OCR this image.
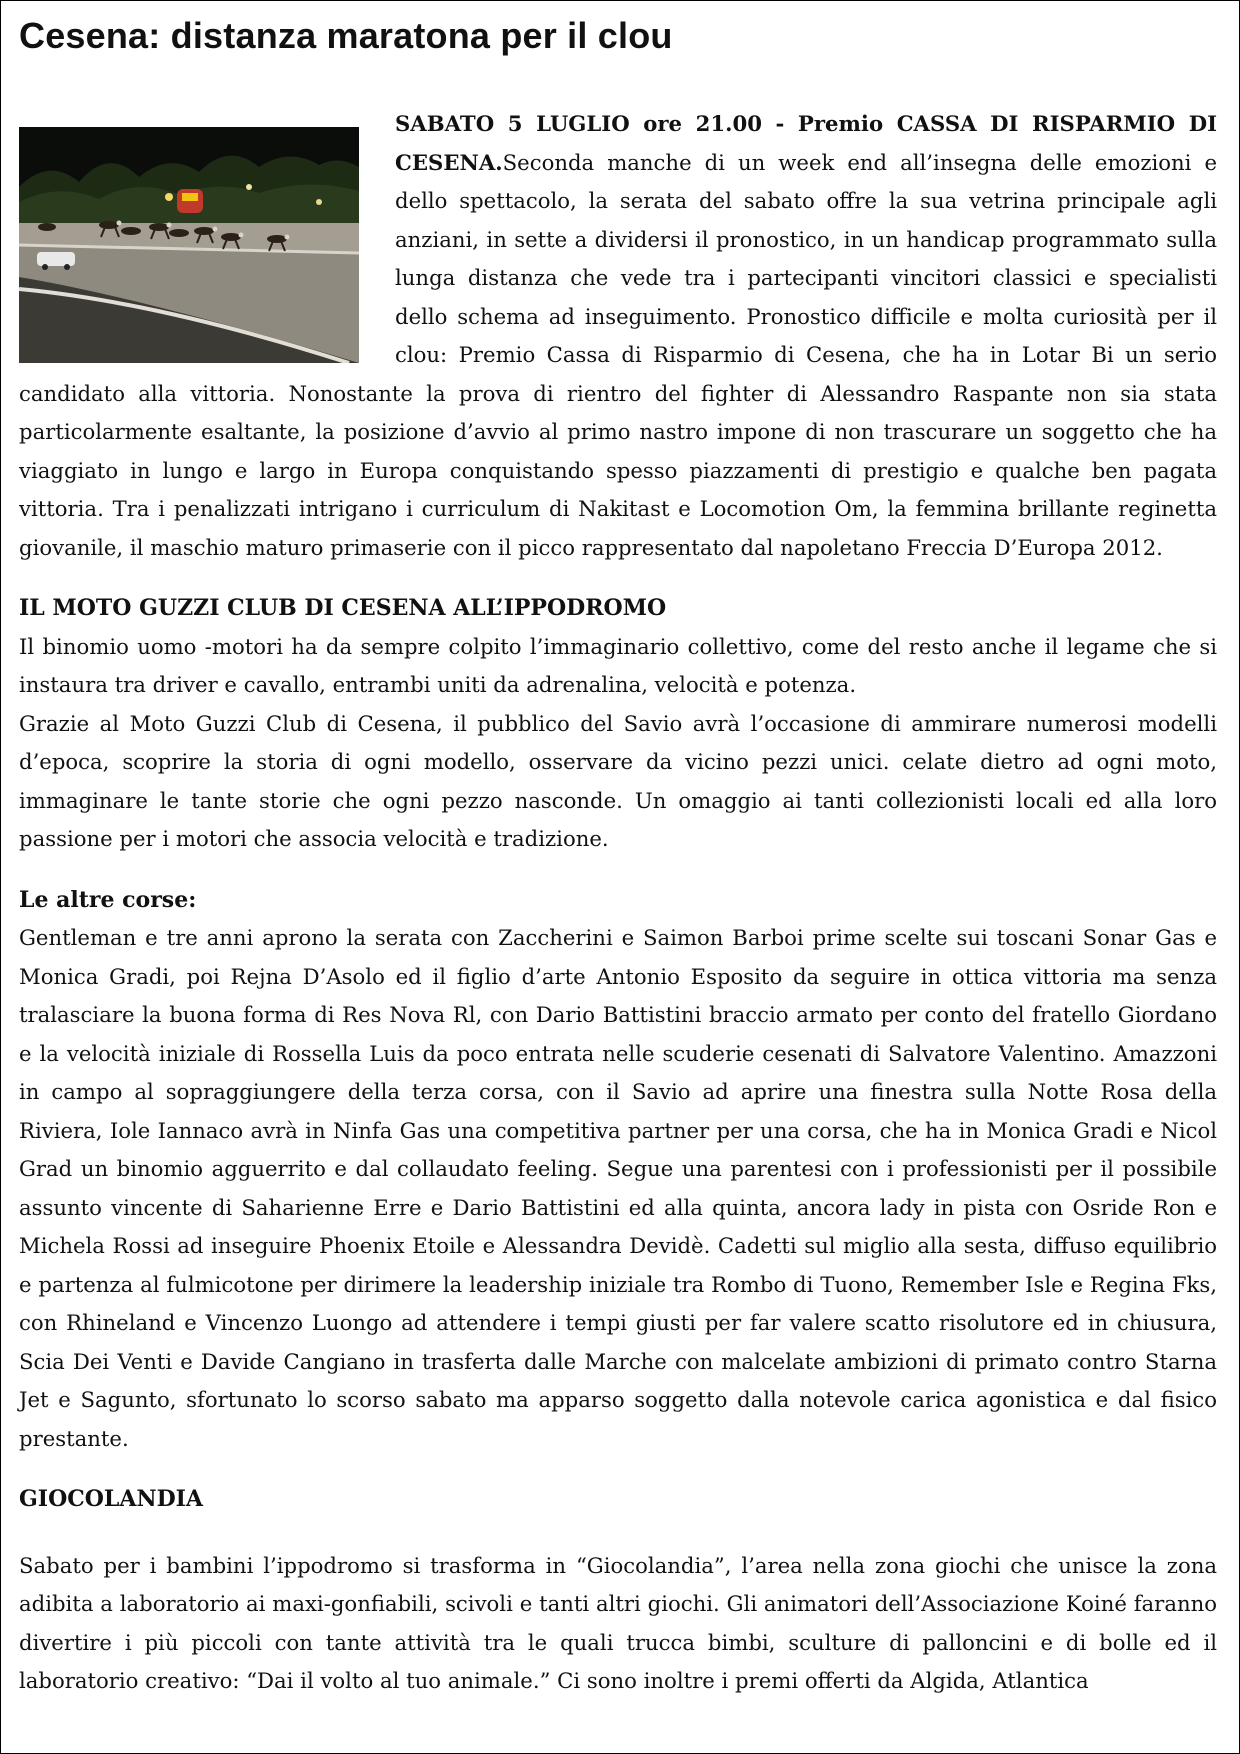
Cesena: distanza maratona per il clou

SABATO 5 LUGLIO ore 21.00 - Premio CASSA DI RISPARMIO DI CESENA.Seconda manche di un week end all’insegna delle emozioni e dello spettacolo, la serata del sabato offre la sua vetrina principale agli anziani, in sette a dividersi il pronostico, in un handicap programmato sulla lunga distanza che vede tra i partecipanti vincitori classici e specialisti dello schema ad inseguimento. Pronostico difficile e molta curiosità per il clou: Premio Cassa di Risparmio di Cesena, che ha in Lotar Bi un serio candidato alla vittoria. Nonostante la prova di rientro del fighter di Alessandro Raspante non sia stata particolarmente esaltante, la posizione d’avvio al primo nastro impone di non trascurare un soggetto che ha viaggiato in lungo e largo in Europa conquistando spesso piazzamenti di prestigio e qualche ben pagata vittoria. Tra i penalizzati intrigano i curriculum di Nakitast e Locomotion Om, la femmina brillante reginetta giovanile, il maschio maturo primaserie con il picco rappresentato dal napoletano Freccia D’Europa 2012.

IL MOTO GUZZI CLUB DI CESENA ALL’IPPODROMO

Il binomio uomo -motori ha da sempre colpito l’immaginario collettivo, come del resto anche il legame che si instaura tra driver e cavallo, entrambi uniti da adrenalina, velocità e potenza.

Grazie al Moto Guzzi Club di Cesena, il pubblico del Savio avrà l’occasione di ammirare numerosi modelli d’epoca, scoprire la storia di ogni modello, osservare da vicino pezzi unici. celate dietro ad ogni moto, immaginare le tante storie che ogni pezzo nasconde. Un omaggio ai tanti collezionisti locali ed alla loro passione per i motori che associa velocità e tradizione.

Le altre corse:

Gentleman e tre anni aprono la serata con Zaccherini e Saimon Barboi prime scelte sui toscani Sonar Gas e Monica Gradi, poi Rejna D’Asolo ed il figlio d’arte Antonio Esposito da seguire in ottica vittoria ma senza tralasciare la buona forma di Res Nova Rl, con Dario Battistini braccio armato per conto del fratello Giordano e la velocità iniziale di Rossella Luis da poco entrata nelle scuderie cesenati di Salvatore Valentino. Amazzoni in campo al sopraggiungere della terza corsa, con il Savio ad aprire una finestra sulla Notte Rosa della Riviera, Iole Iannaco avrà in Ninfa Gas una competitiva partner per una corsa, che ha in Monica Gradi e Nicol Grad un binomio agguerrito e dal collaudato feeling. Segue una parentesi con i professionisti per il possibile assunto vincente di Saharienne Erre e Dario Battistini ed alla quinta, ancora lady in pista con Osride Ron e Michela Rossi ad inseguire Phoenix Etoile e Alessandra Devidè. Cadetti sul miglio alla sesta, diffuso equilibrio e partenza al fulmicotone per dirimere la leadership iniziale tra Rombo di Tuono, Remember Isle e Regina Fks, con Rhineland e Vincenzo Luongo ad attendere i tempi giusti per far valere scatto risolutore ed in chiusura, Scia Dei Venti e Davide Cangiano in trasferta dalle Marche con malcelate ambizioni di primato contro Starna Jet e Sagunto, sfortunato lo scorso sabato ma apparso soggetto dalla notevole carica agonistica e dal fisico prestante.

GIOCOLANDIA

Sabato per i bambini l’ippodromo si trasforma in “Giocolandia”, l’area nella zona giochi che unisce la zona adibita a laboratorio ai maxi-gonfiabili, scivoli e tanti altri giochi. Gli animatori dell’Associazione Koiné faranno divertire i più piccoli con tante attività tra le quali trucca bimbi, sculture di palloncini e di bolle ed il laboratorio creativo: “Dai il volto al tuo animale.” Ci sono inoltre i premi offerti da Algida, Atlantica
